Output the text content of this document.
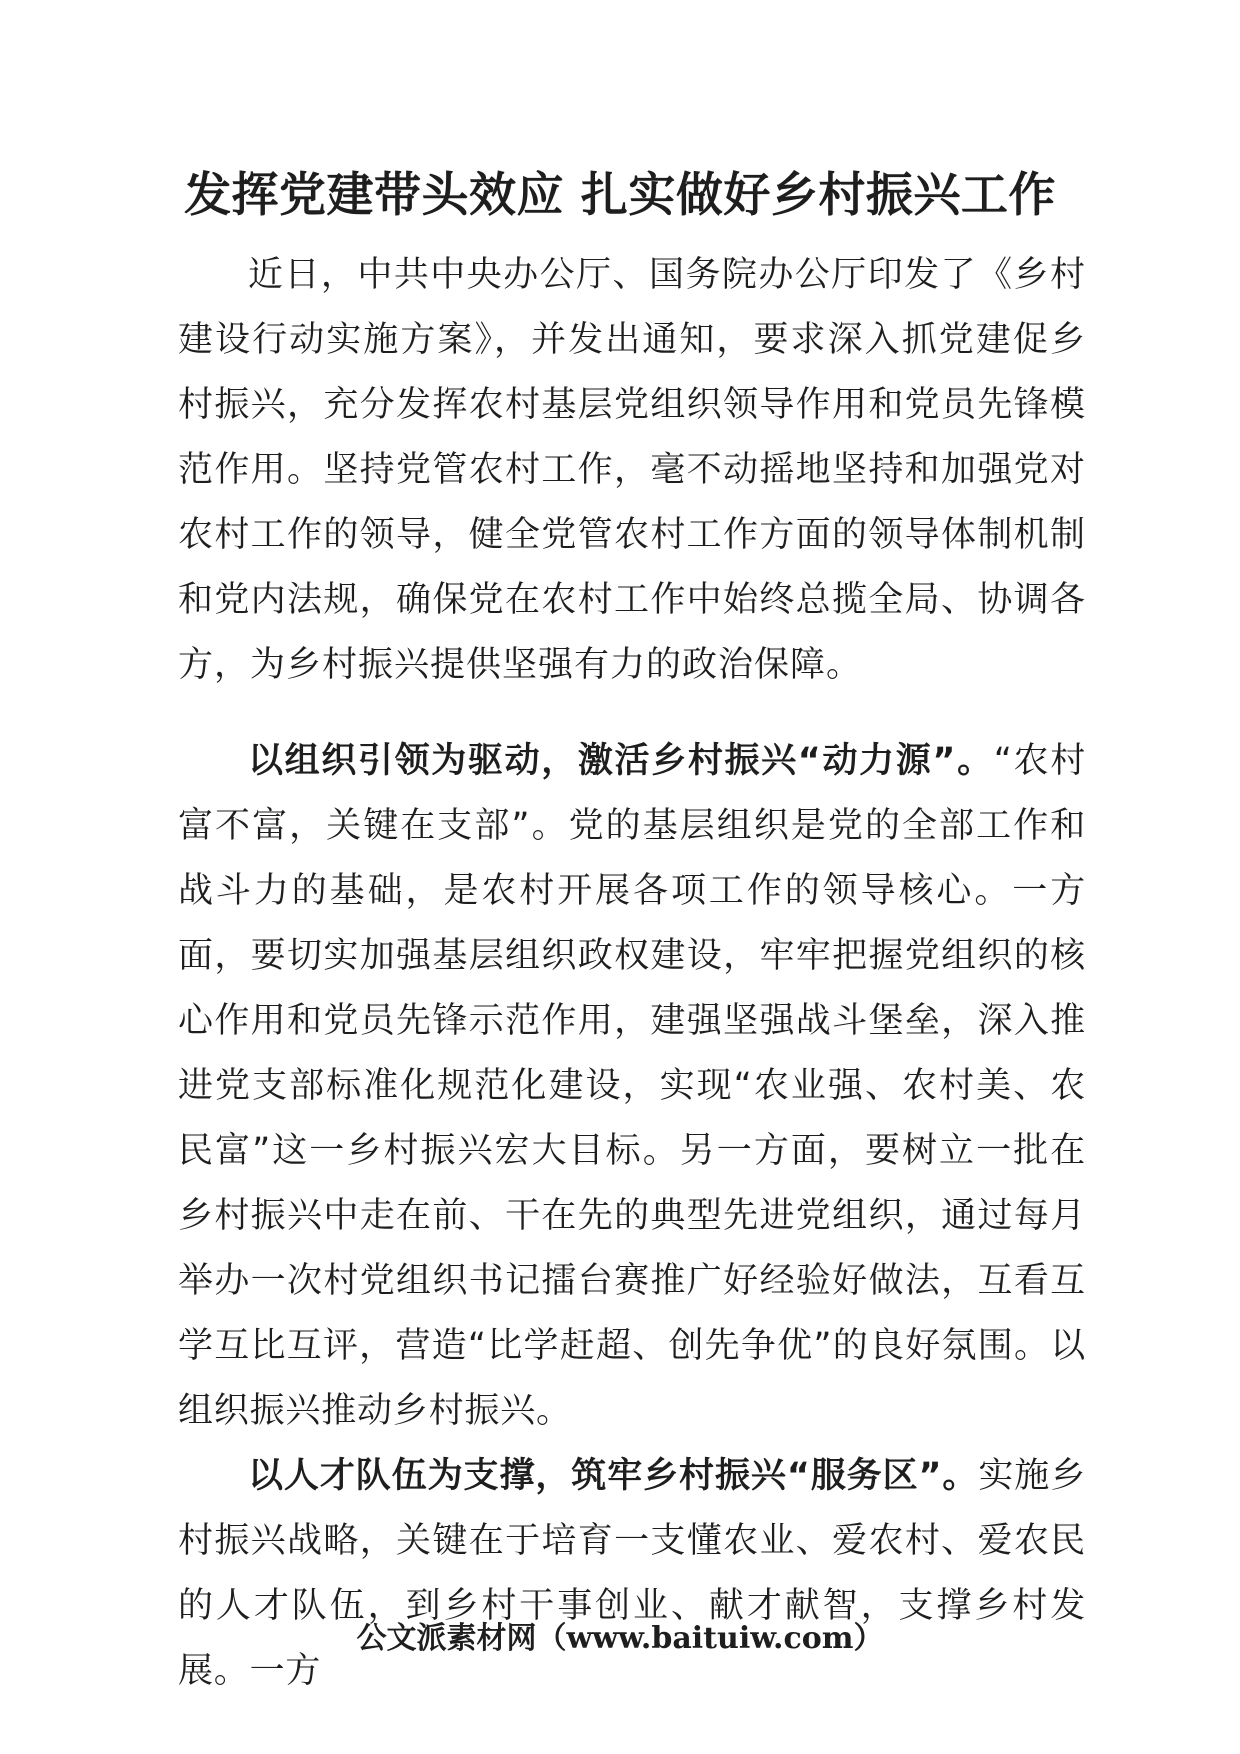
发挥党建带头效应 扎实做好乡村振兴工作

近日，中共中央办公厅、国务院办公厅印发了《乡村建设行动实施方案》，并发出通知，要求深入抓党建促乡村振兴，充分发挥农村基层党组织领导作用和党员先锋模范作用。坚持党管农村工作，毫不动摇地坚持和加强党对农村工作的领导，健全党管农村工作方面的领导体制机制和党内法规，确保党在农村工作中始终总揽全局、协调各方，为乡村振兴提供坚强有力的政治保障。

以组织引领为驱动，激活乡村振兴“动力源”。“农村富不富，关键在支部”。党的基层组织是党的全部工作和战斗力的基础，是农村开展各项工作的领导核心。一方面，要切实加强基层组织政权建设，牢牢把握党组织的核心作用和党员先锋示范作用，建强坚强战斗堡垒，深入推进党支部标准化规范化建设，实现“农业强、农村美、农民富”这一乡村振兴宏大目标。另一方面，要树立一批在乡村振兴中走在前、干在先的典型先进党组织，通过每月举办一次村党组织书记擂台赛推广好经验好做法，互看互学互比互评，营造“比学赶超、创先争优”的良好氛围。以组织振兴推动乡村振兴。

以人才队伍为支撑，筑牢乡村振兴“服务区”。实施乡村振兴战略，关键在于培育一支懂农业、爱农村、爱农民的人才队伍，到乡村干事创业、献才献智，支撑乡村发展。一方

公文派素材网（www.baituiw.com）
